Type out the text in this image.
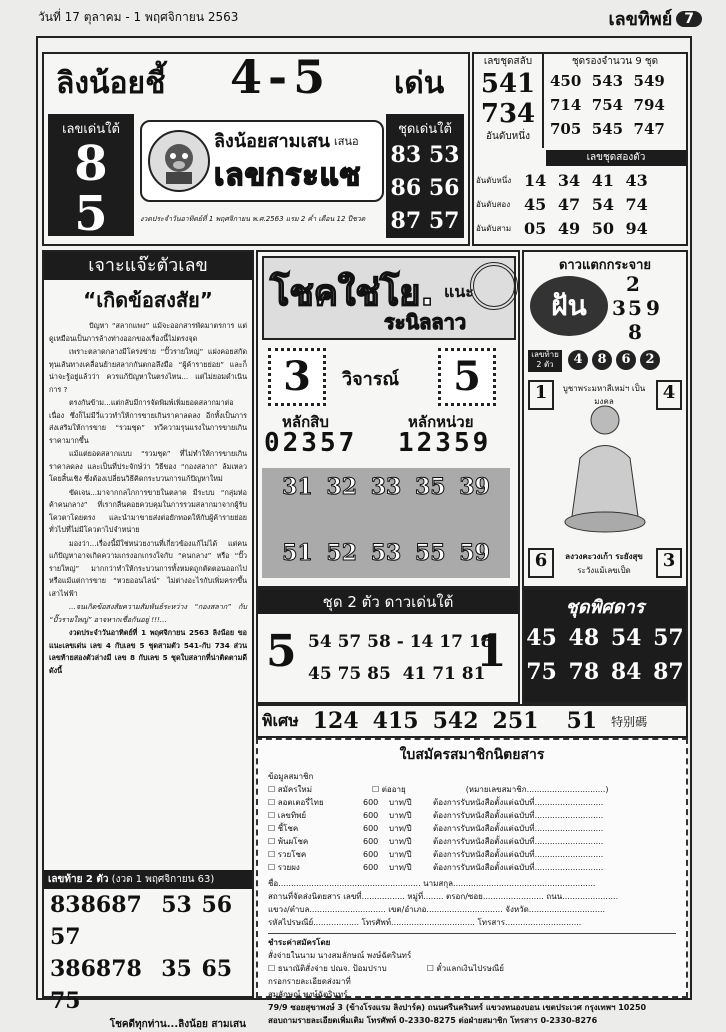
วันที่ 17 ตุลาคม - 1 พฤศจิกายน 2563	เลขทิพย์ 7
ลิงน้อยชี้ 4-5 เด่น
เลขเด่นใต้
8
5
ลิงน้อยสามเสน เสนอ
เลขกระแซ
งวดประจำวันอาทิตย์ที่ 1 พฤศจิกายน พ.ศ.2563 แรม 2 ค่ำ เดือน 12 ปีชวด
ชุดเด่นใต้
83 53
86 56
87 57
เลขชุดสลับ
541
734
อันดับหนึ่ง
ชุดรองจำนวน 9 ชุด
450 543 549
714 754 794
705 545 747
เลขชุดสองตัว
อันดับหนึ่ง 14 34 41 43
อันดับสอง 45 47 54 74
อันดับสาม 05 49 50 94
เจาะแจ๊ะตัวเลข
“เกิดข้อสงสัย”

ปัญหา “สลากแพง” แม้จะออกสารพัดมาตรการ แต่ดูเหมือนเป็นการล้างท่างออกของเรื่องนี้ไม่ตรงจุด

เพราะตลาดกลางมีโครงข่าย “ปั๊วรายใหญ่” แฝงคอยสกัดทุนเส้นทางเคลื่อนย้ายสลากกันตกอลึงมือ “ผู้ค้ารายย่อย” และก็น่าจะรู้อยู่แล้วว่า ควรแก้ปัญหาในตรงไหน... แต่ไม่ยอมดำเนินการ ?

ตรงกันข้าม...แต่กลับมีการจัดพิมพ์เพิ่มยอดสลากมาต่อเนื่อง ซึ่งก็ไม่มีวี่แววทำให้การขายเกินราคาลดลง อีกทั้งเป็นการส่งเสริมให้การขาย “รวมชุด” ทวีความรุนแรงในการขายเกินราคามากขึ้น

แม้แต่ยอดสลากแบบ “รวมชุด” ที่ไม่ทำให้การขายเกินราคาลดลง และเป็นที่ประจักษ์ว่า วิธีของ “กองสลาก” ล้มเหลวโดยสิ้นเชิง ซึ่งต้องเปลี่ยนวิธีคิดกระบวนการแก้ปัญหาใหม่

ขัดเจน...มาจากกลไกการขายในตลาด มีระบบ “กลุ่มห่อค้าคนกลาง” ที่เรากลืนคอยควบคุมในการรวมสลากมาจากผู้รับโควตาโดยตรง และนำมาขายส่งต่อยักทอดให้กับผู้ค้ารายย่อยทั่วไปที่ไม่มีโควตาไปจำหน่าย

มองว่า...เรื่องนี้มีใช่หน่วยงานที่เกี่ยวข้องแก้ไม่ได้ แต่คนแก้ปัญหาอาจเกิดความเกรงอกเกรงใจกับ “คนกลาง” หรือ “ปั๊วรายใหญ่” มากกว่าทำให้กระบวนการทั้งหมดถูกตัดตอนออกไป หรือแม้แต่การขาย “หวยออนไลน์” ไม่ต่างอะไรกับเพิ่มครกขึ้นเสาไฟฟ้า

...จนเกิดข้อสงสัยความสัมพันธ์ระหว่าง “กองสลาก” กับ “ปั๊วรายใหญ่” อาจหากเชื่อกันอยู่ !!!...

งวดประจำวันอาทิตย์ที่ 1 พฤศจิกายน 2563 ลิงน้อย ขอแนะเลขเด่น เลข 4 กับเลข 5 ชุดสามตัว 541-กับ 734 ส่วนเลขท้ายสองตัวล่างมี เลข 8 กับเลข 5 ชุดใบสลากที่น่าติดตามดีดังนี้

เลขท้าย 2 ตัว (งวด 1 พฤศจิกายน 63)
838687 53 56 57
386878 35 65 75
โชคดีทุกท่าน...ลิงน้อย สามเสน
โชคใช่โย. แนะ
ระนิลลาว
3	วิจารณ์	5
หลักสิบ	หลักหน่วย
02357 12359
31 32 33 35 39
51 52 53 55 59
ดาวแตกกระจาย
ฝัน
2
3 5 9
8
เลขท้าย 2 ตัว	4	8	6	2
1	4
บูชาพระมหาสีเหม่ฯ เป็นมงคล
6	3
ลงวงคะวงเก้า ระยังสุข
ระวังแม้เลขเป็ด
ชุด 2 ตัว ดาวเด่นใต้
5 54 57 58 - 14 17 18
45 75 85 41 71 81
1
ชุดพิศดาร
45 48 54 57
75 78 84 87
พิเศษ 124 415 542 251 51 特别碼
ใบสมัครสมาชิกนิตยสาร
ข้อมูลสมาชิก
☐ สมัครใหม่	☐ ต่ออายุ	(หมายเลขสมาชิก...............................)
☐ ลอตเตอรี่ไทย	600	บาท/ปี	ต้องการรับหนังสือตั้งแต่ฉบับที่...........................
☐ เลขทิพย์	600	บาท/ปี	ต้องการรับหนังสือตั้งแต่ฉบับที่...........................
☐ ชี้โชค	600	บาท/ปี	ต้องการรับหนังสือตั้งแต่ฉบับที่...........................
☐ พ้นผโชค	600	บาท/ปี	ต้องการรับหนังสือตั้งแต่ฉบับที่...........................
☐ รวยโชค	600	บาท/ปี	ต้องการรับหนังสือตั้งแต่ฉบับที่...........................
☐ รวยผง	600	บาท/ปี	ต้องการรับหนังสือตั้งแต่ฉบับที่...........................
ชื่อ........................................................ นามสกุล........................................................
สถานที่จัดส่งนิตยสาร เลขที่................. หมู่ที่........ ตรอก/ซอย........................ ถนน......................
แขวง/ตำบล.............................. เขต/อำเภอ.............................. จังหวัด..............................
รหัสไปรษณีย์.................. โทรศัพท์................................. โทรสาร..............................
ชำระค่าสมัครโดย
สั่งจ่ายในนาม นางสมลักษณ์ พงษ์ฉัตรินทร์
☐ ธนาณัติสั่งจ่าย ปณจ. ป้อมปราบ	☐ ตั๋วแลกเงินไปรษณีย์
กรอกรายละเอียดส่งมาที่
สมลักษณ์ พงษ์ฉัตรินทร์
79/9 ซอยสุขาพงษ์ 3 (ข้างโรงแรม ลิงปาร์ค) ถนนศรีนครินทร์ แขวงหนองบอน เขตประเวศ กรุงเทพฯ 10250
สอบถามรายละเอียดเพิ่มเติม โทรศัพท์ 0-2330-8275 ต่อฝ่ายสมาชิก โทรสาร 0-2330-8276
